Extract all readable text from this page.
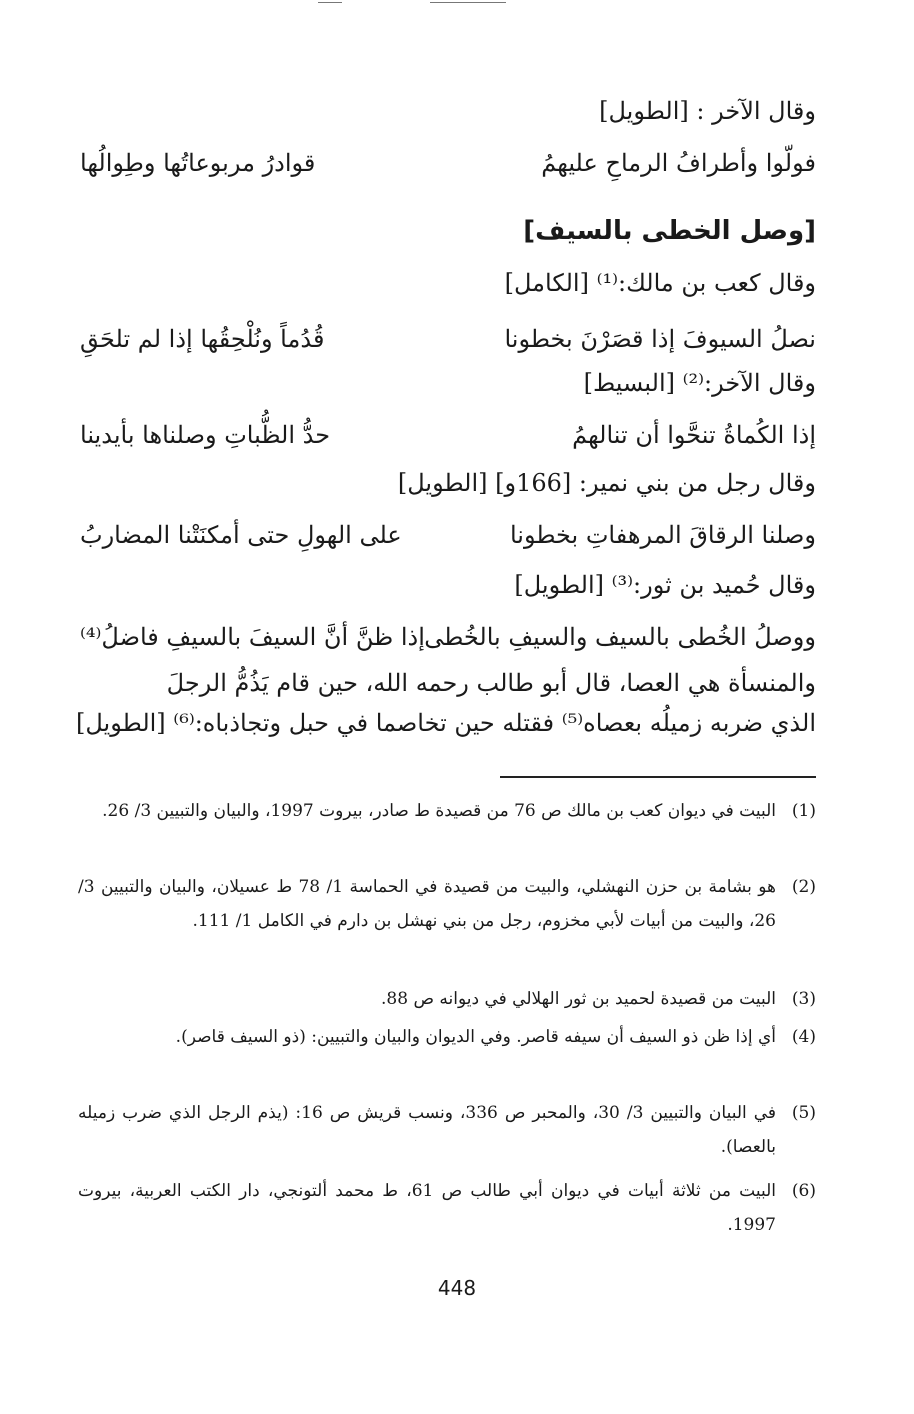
وقال الآخر : [الطويل]
فولّوا وأطرافُ الرماحِ عليهمُ
قوادرُ مربوعاتُها وطِوالُها
[وصل الخطى بالسيف]
وقال كعب بن مالك:⁽¹⁾ [الكامل]
نصلُ السيوفَ إذا قصَرْنَ بخطونا
قُدُماً ونُلْحِقُها إذا لم تلحَقِ
وقال الآخر:⁽²⁾ [البسيط]
إذا الكُماةُ تنحَّوا أن تنالهمُ
حدُّ الظُّباتِ وصلناها بأيدينا
وقال رجل من بني نمير: [166و] [الطويل]
وصلنا الرقاقَ المرهفاتِ بخطونا
على الهولِ حتى أمكنَتْنا المضاربُ
وقال حُميد بن ثور:⁽³⁾ [الطويل]
ووصلُ الخُطى بالسيف والسيفِ بالخُطى
إذا ظنَّ أنَّ السيفَ بالسيفِ فاضلُ⁽⁴⁾
والمنسأة هي العصا، قال أبو طالب رحمه الله، حين قام يَذُمُّ الرجلَ
الذي ضربه زميلُه بعصاه⁽⁵⁾ فقتله حين تخاصما في حبل وتجاذباه:⁽⁶⁾ [الطويل]
(1)
البيت في ديوان كعب بن مالك ص 76 من قصيدة ط صادر، بيروت 1997، والبيان والتبيين 3/ 26.
(2)
هو بشامة بن حزن النهشلي، والبيت من قصيدة في الحماسة 1/ 78 ط عسيلان، والبيان والتبيين 3/ 26، والبيت من أبيات لأبي مخزوم، رجل من بني نهشل بن دارم في الكامل 1/ 111.
(3)
البيت من قصيدة لحميد بن ثور الهلالي في ديوانه ص 88.
(4)
أي إذا ظن ذو السيف أن سيفه قاصر. وفي الديوان والبيان والتبيين: (ذو السيف قاصر).
(5)
في البيان والتبيين 3/ 30، والمحبر ص 336، ونسب قريش ص 16: (يذم الرجل الذي ضرب زميله بالعصا).
(6)
البيت من ثلاثة أبيات في ديوان أبي طالب ص 61، ط محمد ألتونجي، دار الكتب العربية، بيروت 1997.
448
